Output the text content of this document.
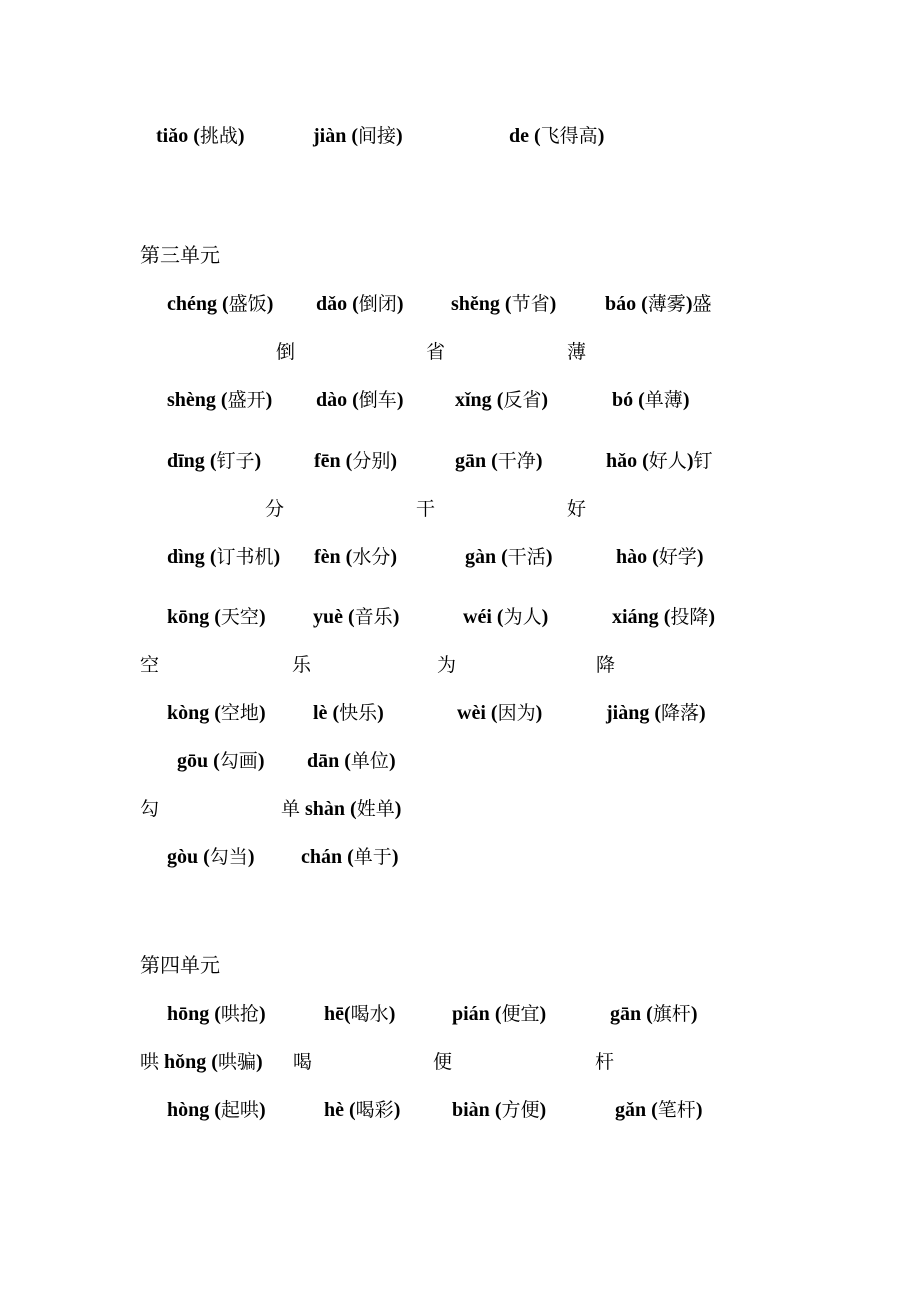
tiǎo (挑战)	jiàn (间接)	de (飞得高)
第三单元
chéng (盛饭) dǎo (倒闭) shěng (节省) báo (薄雾)盛
倒	省	薄
shèng (盛开) dào (倒车)	xǐng (反省)	bó (单薄)
dīng (钉子)	fēn (分别)	gān (干净)	hǎo (好人)钉
分	干	好
dìng (订书机) fèn (水分)	gàn (干活)	hào (好学)
kōng (天空) yuè (音乐)	wéi (为人)	xiáng (投降)
空	乐	为	降
kòng (空地) lè (快乐)	wèi (因为)	jiàng (降落)
gōu (勾画) dān (单位)
勾	单 shàn (姓单)
gòu (勾当) chán (单于)
第四单元
hōng (哄抢)	hē(喝水)	pián (便宜)	gān (旗杆)
哄 hǒng (哄骗) 喝	便	杆
hòng (起哄)	hè (喝彩)	biàn (方便)	gǎn (笔杆)
